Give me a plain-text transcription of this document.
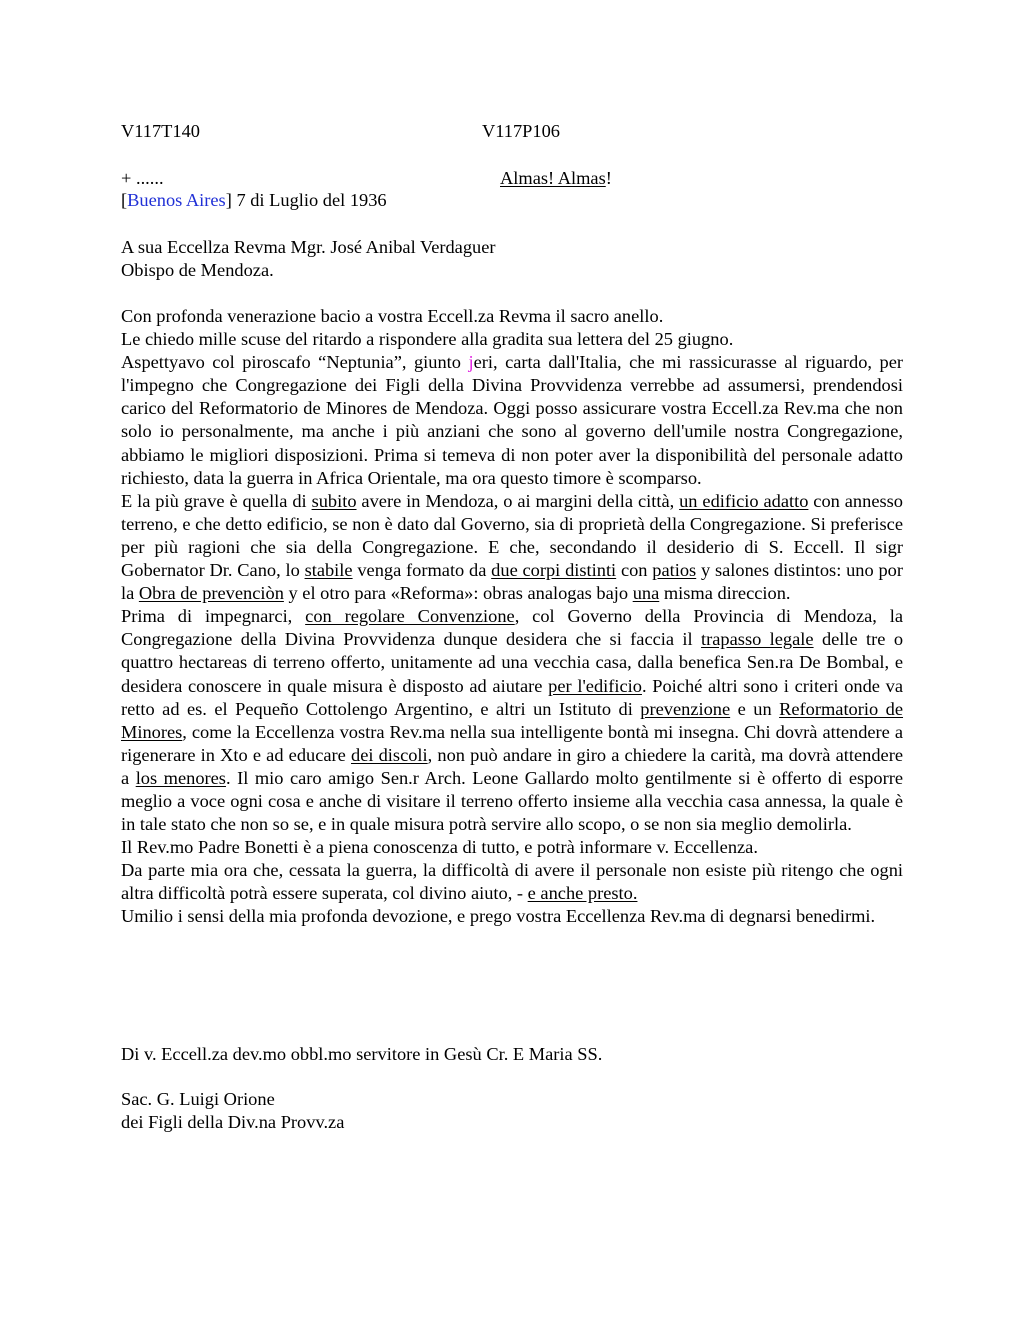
V117T140	V117P106
+ ......	Almas! Almas!
[Buenos Aires] 7 di Luglio del 1936
A sua Eccellza Revma Mgr. José Anibal Verdaguer
Obispo de Mendoza.

Con profonda venerazione bacio a vostra Eccell.za Revma il sacro anello.

Le chiedo mille scuse del ritardo a rispondere alla gradita sua lettera del 25 giugno.

Aspettyavo col piroscafo “Neptunia”, giunto jeri, carta dall'Italia, che mi rassicurasse al riguardo, per l'impegno che Congregazione dei Figli della Divina Provvidenza verrebbe ad assumersi, prendendosi carico del Reformatorio de Minores de Mendoza. Oggi posso assicurare vostra Eccell.za Rev.ma che non solo io personalmente, ma anche i più anziani che sono al governo dell'umile nostra Congregazione, abbiamo le migliori disposizioni. Prima si temeva di non poter aver la disponibilità del personale adatto richiesto, data la guerra in Africa Orientale, ma ora questo timore è scomparso.

E la più grave è quella di subito avere in Mendoza, o ai margini della città, un edificio adatto con annesso terreno, e che detto edificio, se non è dato dal Governo, sia di proprietà della Congregazione. Si preferisce per più ragioni che sia della Congregazione. E che, secondando il desiderio di S. Eccell. Il sigr Gobernator Dr. Cano, lo stabile venga formato da due corpi distinti con patios y salones distintos: uno por la Obra de prevenciòn y el otro para «Reforma»: obras analogas bajo una misma direccion.

Prima di impegnarci, con regolare Convenzione, col Governo della Provincia di Mendoza, la Congregazione della Divina Provvidenza dunque desidera che si faccia il trapasso legale delle tre o quattro hectareas di terreno offerto, unitamente ad una vecchia casa, dalla benefica Sen.ra De Bombal, e desidera conoscere in quale misura è disposto ad aiutare per l'edificio. Poiché altri sono i criteri onde va retto ad es. el Pequeño Cottolengo Argentino, e altri un Istituto di prevenzione e un Reformatorio de Minores, come la Eccellenza vostra Rev.ma nella sua intelligente bontà mi insegna. Chi dovrà attendere a rigenerare in Xto e ad educare dei discoli, non può andare in giro a chiedere la carità, ma dovrà attendere a los menores. Il mio caro amigo Sen.r Arch. Leone Gallardo molto gentilmente si è offerto di esporre meglio a voce ogni cosa e anche di visitare il terreno offerto insieme alla vecchia casa annessa, la quale è in tale stato che non so se, e in quale misura potrà servire allo scopo, o se non sia meglio demolirla.

Il Rev.mo Padre Bonetti è a piena conoscenza di tutto, e potrà informare v. Eccellenza.

Da parte mia ora che, cessata la guerra, la difficoltà di avere il personale non esiste più ritengo che ogni altra difficoltà potrà essere superata, col divino aiuto, - e anche presto.

Umilio i sensi della mia profonda devozione, e prego vostra Eccellenza Rev.ma di degnarsi benedirmi.

Di v. Eccell.za dev.mo obbl.mo servitore in Gesù Cr. E Maria SS.
Sac. G. Luigi Orione
dei Figli della Div.na Provv.za
